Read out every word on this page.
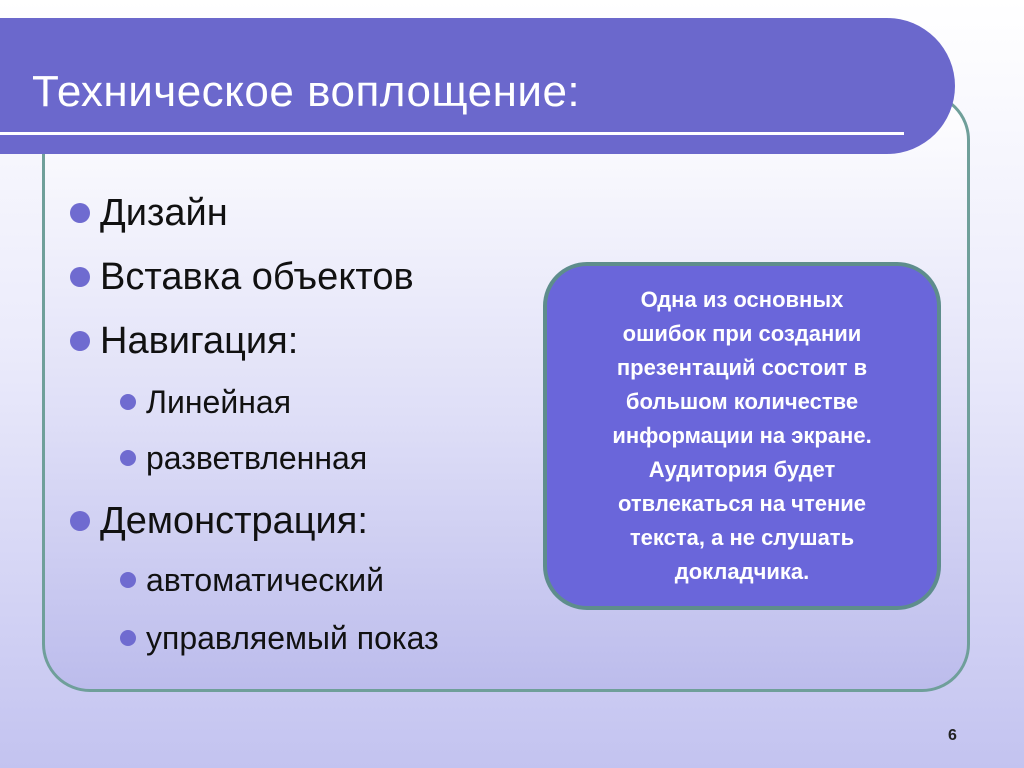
Техническое воплощение:
Дизайн
Вставка объектов
Навигация:
Линейная
разветвленная
Демонстрация:
автоматический
управляемый показ
Одна из основных
ошибок при создании
презентаций состоит в
большом количестве
информации на экране.
Аудитория будет
отвлекаться на чтение
текста, а не слушать
докладчика.
6
